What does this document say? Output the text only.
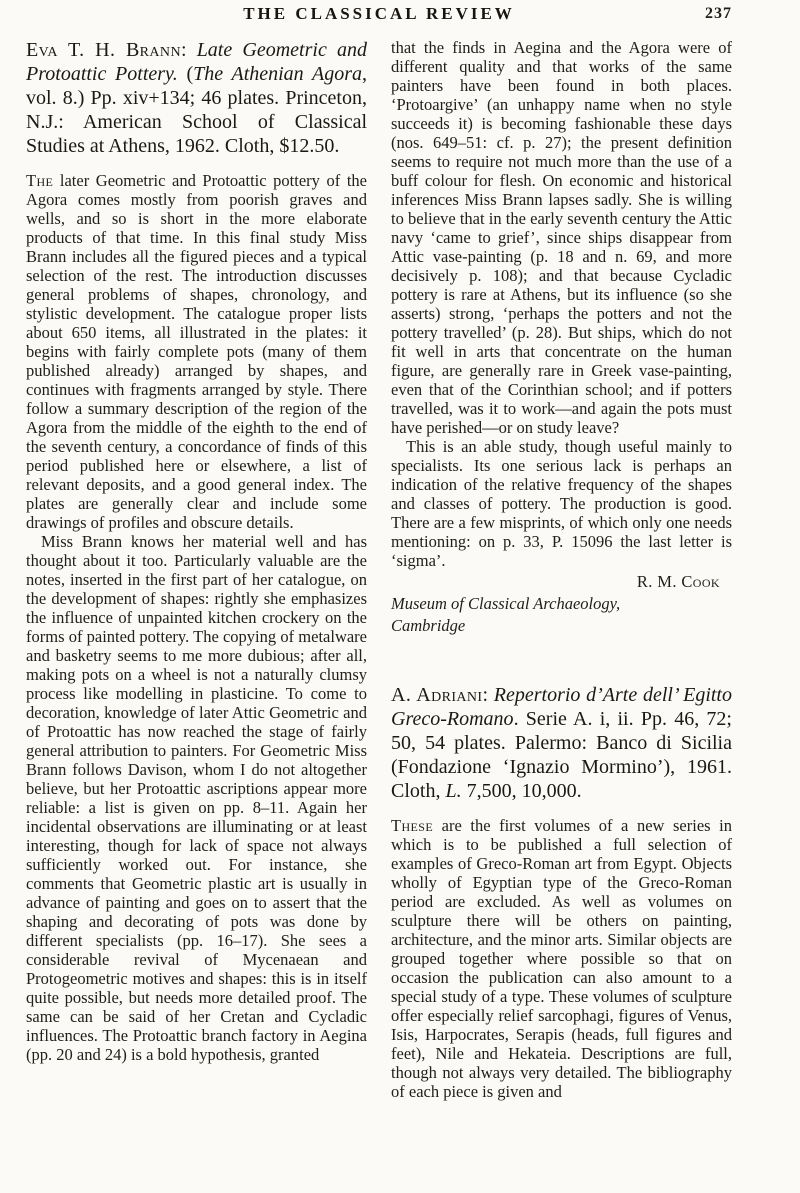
THE CLASSICAL REVIEW	237

Eva T. H. Brann: Late Geometric and Protoattic Pottery. (The Athenian Agora, vol. 8.) Pp. xiv+134; 46 plates. Princeton, N.J.: American School of Classical Studies at Athens, 1962. Cloth, $12.50.

The later Geometric and Protoattic pottery of the Agora comes mostly from poorish graves and wells, and so is short in the more elaborate products of that time. In this final study Miss Brann includes all the figured pieces and a typical selection of the rest. The introduction discusses general problems of shapes, chronology, and stylistic development. The catalogue proper lists about 650 items, all illustrated in the plates: it begins with fairly complete pots (many of them published already) arranged by shapes, and continues with fragments arranged by style. There follow a summary description of the region of the Agora from the middle of the eighth to the end of the seventh century, a concordance of finds of this period published here or elsewhere, a list of relevant deposits, and a good general index. The plates are generally clear and include some drawings of profiles and obscure details.

Miss Brann knows her material well and has thought about it too. Particularly valuable are the notes, inserted in the first part of her catalogue, on the development of shapes: rightly she emphasizes the influence of unpainted kitchen crockery on the forms of painted pottery. The copying of metalware and basketry seems to me more dubious; after all, making pots on a wheel is not a naturally clumsy process like modelling in plasticine. To come to decoration, knowledge of later Attic Geometric and of Protoattic has now reached the stage of fairly general attribution to painters. For Geometric Miss Brann follows Davison, whom I do not altogether believe, but her Protoattic ascriptions appear more reliable: a list is given on pp. 8–11. Again her incidental observations are illuminating or at least interesting, though for lack of space not always sufficiently worked out. For instance, she comments that Geometric plastic art is usually in advance of painting and goes on to assert that the shaping and decorating of pots was done by different specialists (pp. 16–17). She sees a considerable revival of Mycenaean and Protogeometric motives and shapes: this is in itself quite possible, but needs more detailed proof. The same can be said of her Cretan and Cycladic influences. The Protoattic branch factory in Aegina (pp. 20 and 24) is a bold hypothesis, granted

that the finds in Aegina and the Agora were of different quality and that works of the same painters have been found in both places. ‘Protoargive’ (an unhappy name when no style succeeds it) is becoming fashionable these days (nos. 649–51: cf. p. 27); the present definition seems to require not much more than the use of a buff colour for flesh. On economic and historical inferences Miss Brann lapses sadly. She is willing to believe that in the early seventh century the Attic navy ‘came to grief’, since ships disappear from Attic vase-painting (p. 18 and n. 69, and more decisively p. 108); and that because Cycladic pottery is rare at Athens, but its influence (so she asserts) strong, ‘perhaps the potters and not the pottery travelled’ (p. 28). But ships, which do not fit well in arts that concentrate on the human figure, are generally rare in Greek vase-painting, even that of the Corinthian school; and if potters travelled, was it to work—and again the pots must have perished—or on study leave?

This is an able study, though useful mainly to specialists. Its one serious lack is perhaps an indication of the relative frequency of the shapes and classes of pottery. The production is good. There are a few misprints, of which only one needs mentioning: on p. 33, P. 15096 the last letter is ‘sigma’.

R. M. Cook

Museum of Classical Archaeology,
Cambridge

A. Adriani: Repertorio d’Arte dell’ Egitto Greco-Romano. Serie A. i, ii. Pp. 46, 72; 50, 54 plates. Palermo: Banco di Sicilia (Fondazione ‘Ignazio Mormino’), 1961. Cloth, L. 7,500, 10,000.

These are the first volumes of a new series in which is to be published a full selection of examples of Greco-Roman art from Egypt. Objects wholly of Egyptian type of the Greco-Roman period are excluded. As well as volumes on sculpture there will be others on painting, architecture, and the minor arts. Similar objects are grouped together where possible so that on occasion the publication can also amount to a special study of a type. These volumes of sculpture offer especially relief sarcophagi, figures of Venus, Isis, Harpocrates, Serapis (heads, full figures and feet), Nile and Hekateia. Descriptions are full, though not always very detailed. The bibliography of each piece is given and
